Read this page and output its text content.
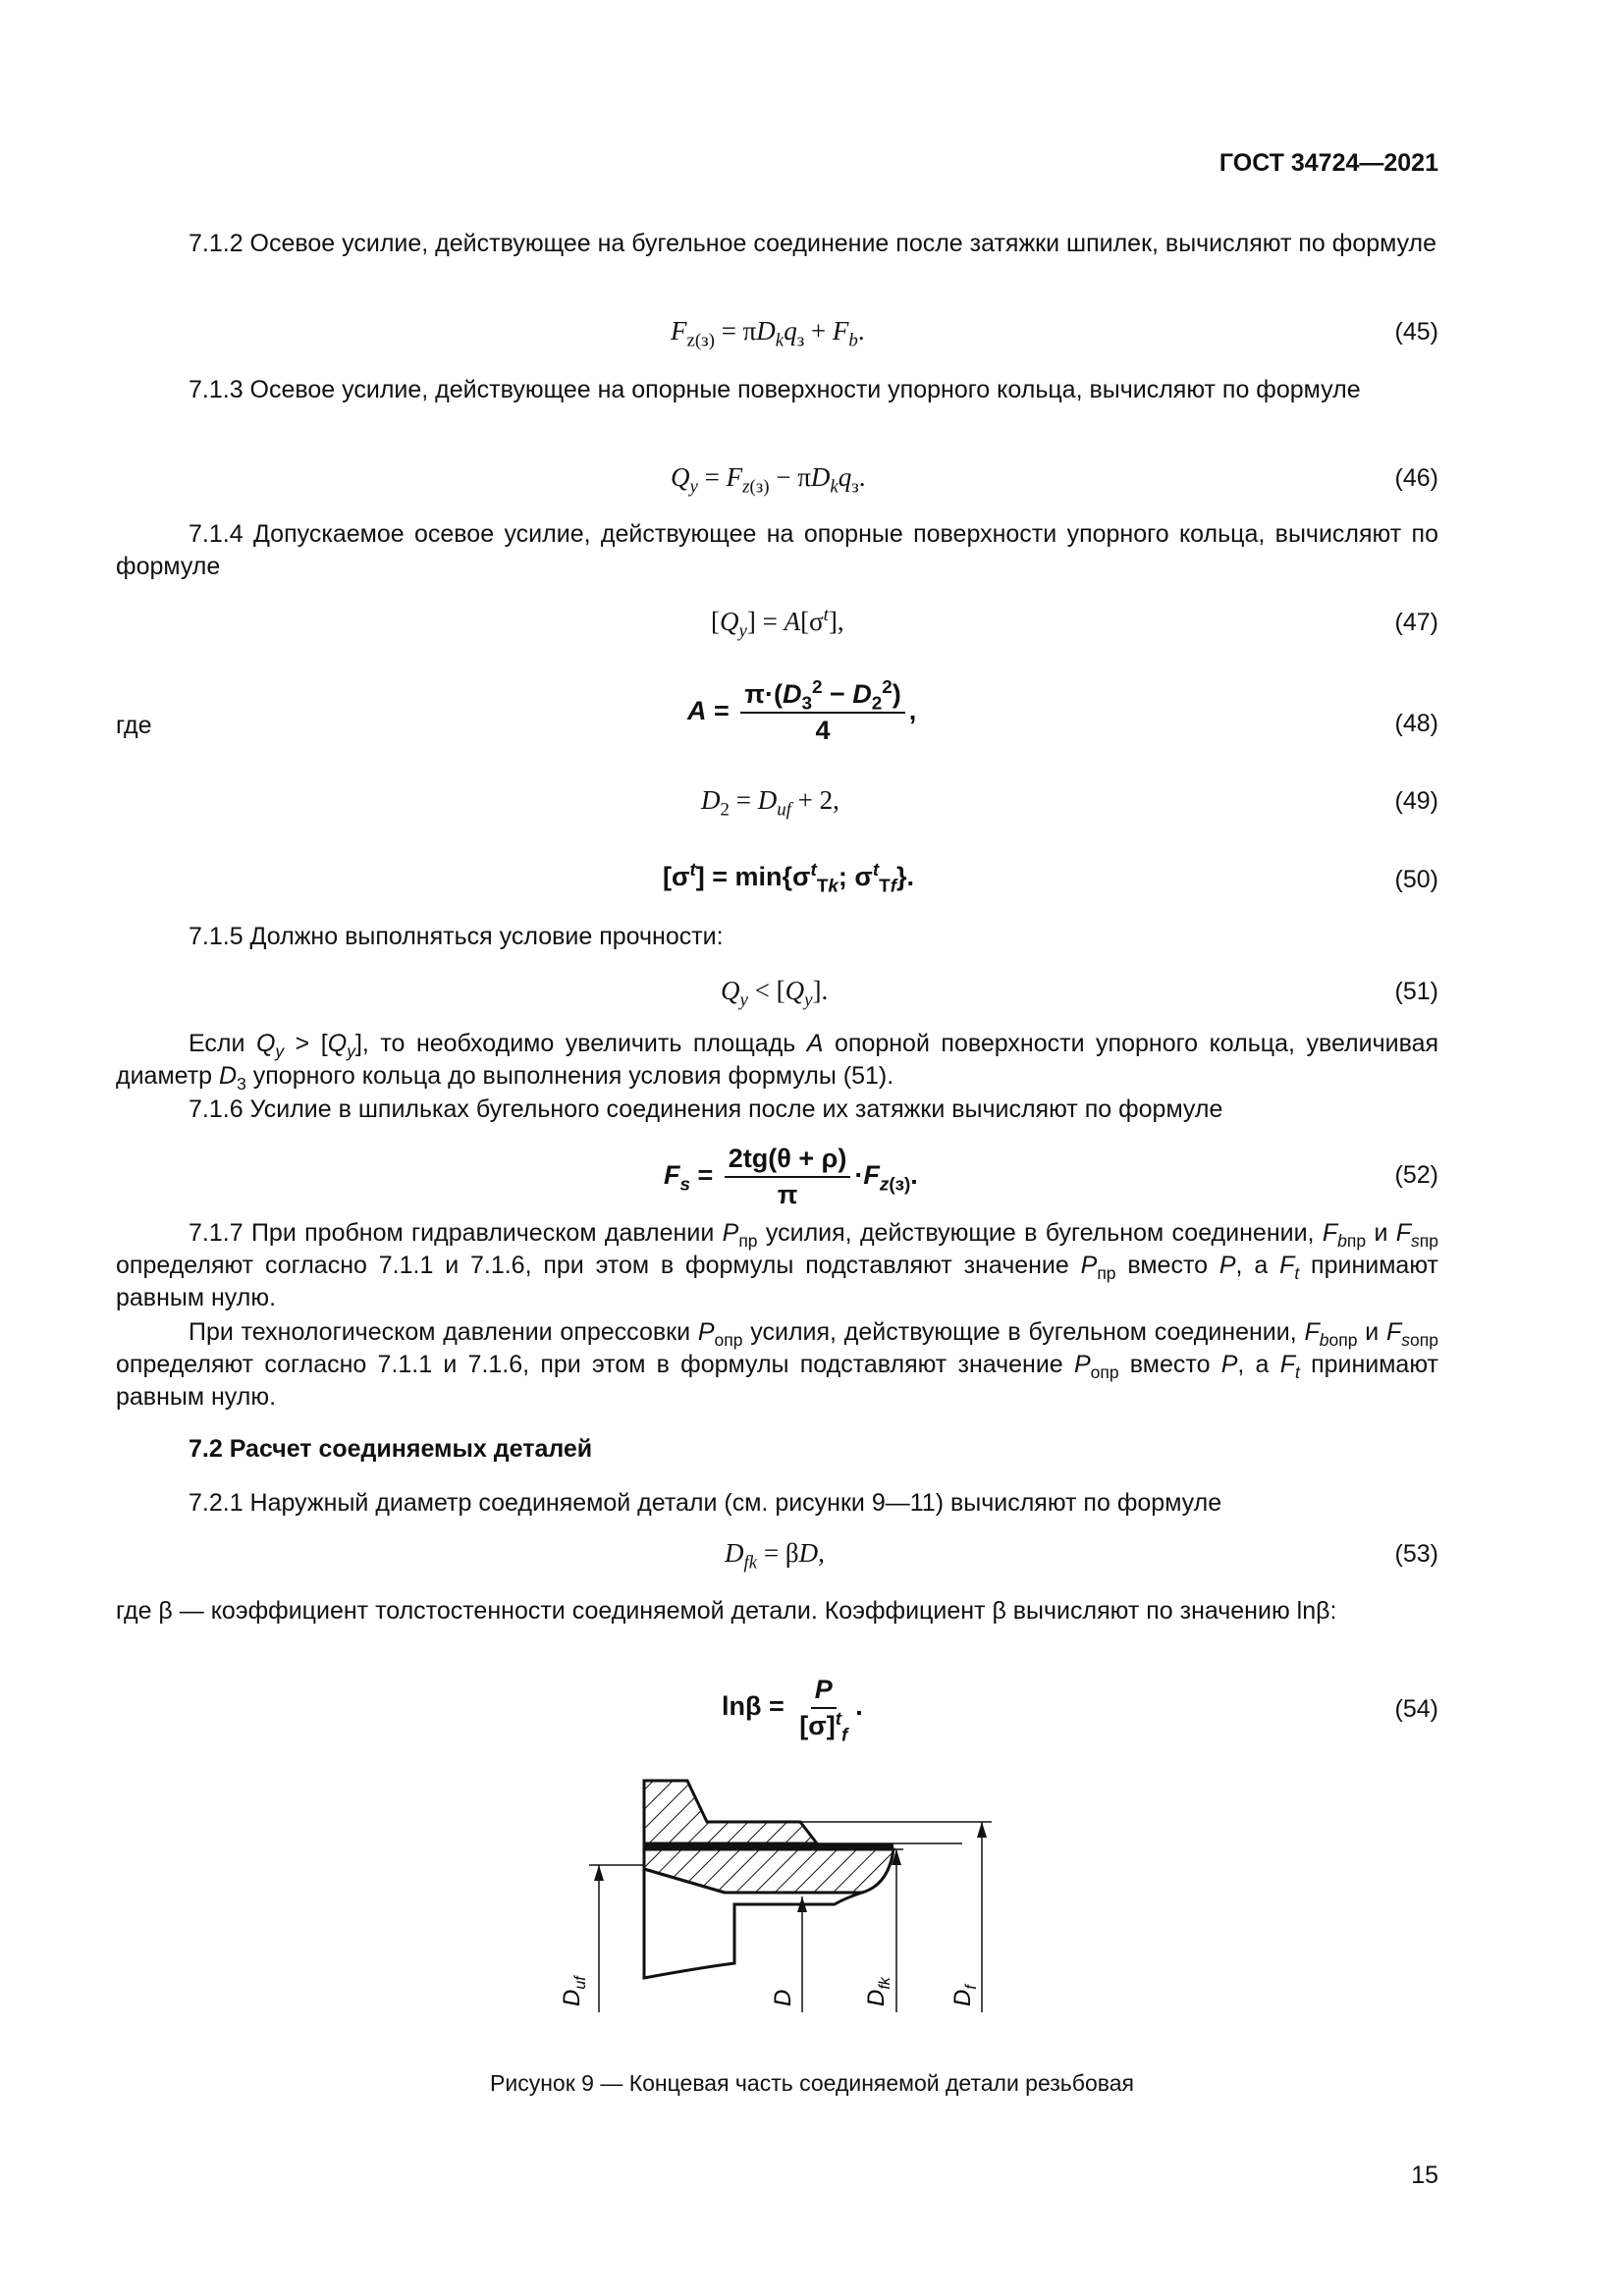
ГОСТ 34724—2021
7.1.2 Осевое усилие, действующее на бугельное соединение после затяжки шпилек, вычисляют по формуле
$F_{z(з)} = \pi D_kq_з + F_b$.	(45)
7.1.3 Осевое усилие, действующее на опорные поверхности упорного кольца, вычисляют по формуле
$Q_y = F_{z(з)} - \pi D_kq_з$.	(46)
7.1.4 Допускаемое осевое усилие, действующее на опорные поверхности упорного кольца, вычисляют по формуле
$[Q_y] = A[\sigma^t]$,	(47)
где	$A = \frac{\pi\cdot(D_3^2 - D_2^2)}{4}$ ,	(48)
$D_2 = D_{uf} + 2$,	(49)
$[\sigma^t] = \min\{\sigma^t_{Tk}$; $\sigma^t_{Tf}$}.	(50)
7.1.5 Должно выполняться условие прочности:
$Q_y < [Q_y]$.	(51)
Если $Q_y > [Q_y]$, то необходимо увеличить площадь A опорной поверхности упорного кольца, увеличивая диаметр $D_3$ упорного кольца до выполнения условия формулы (51).
7.1.6 Усилие в шпильках бугельного соединения после их затяжки вычисляют по формуле
$F_s = \frac{2tg(\theta + \rho)}{\pi} \cdot F_{z(з)}$.	(52)
7.1.7 При пробном гидравлическом давлении $P_{пр}$ усилия, действующие в бугельном соединении, $F_{bпр}$ и $F_{sпр}$ определяют согласно 7.1.1 и 7.1.6, при этом в формулы подставляют значение $P_{пр}$ вместо P, а $F_t$ принимают равным нулю.
При технологическом давлении опрессовки $P_{опр}$ усилия, действующие в бугельном соединении, $F_{bопр}$ и $F_{sопр}$ определяют согласно 7.1.1 и 7.1.6, при этом в формулы подставляют значение $P_{опр}$ вместо P, а $F_t$ принимают равным нулю.
7.2 Расчет соединяемых деталей
7.2.1 Наружный диаметр соединяемой детали (см. рисунки 9—11) вычисляют по формуле
$D_{fk} = \beta D$,	(53)
где β — коэффициент толстостенности соединяемой детали. Коэффициент β вычисляют по значению lnβ:
$\ln\beta = \frac{P}{[\sigma]^t_f}$ .	(54)
$D_{uf}$
D	$D_{fk}$
$D_f$
Рисунок 9 — Концевая часть соединяемой детали резьбовая
15
